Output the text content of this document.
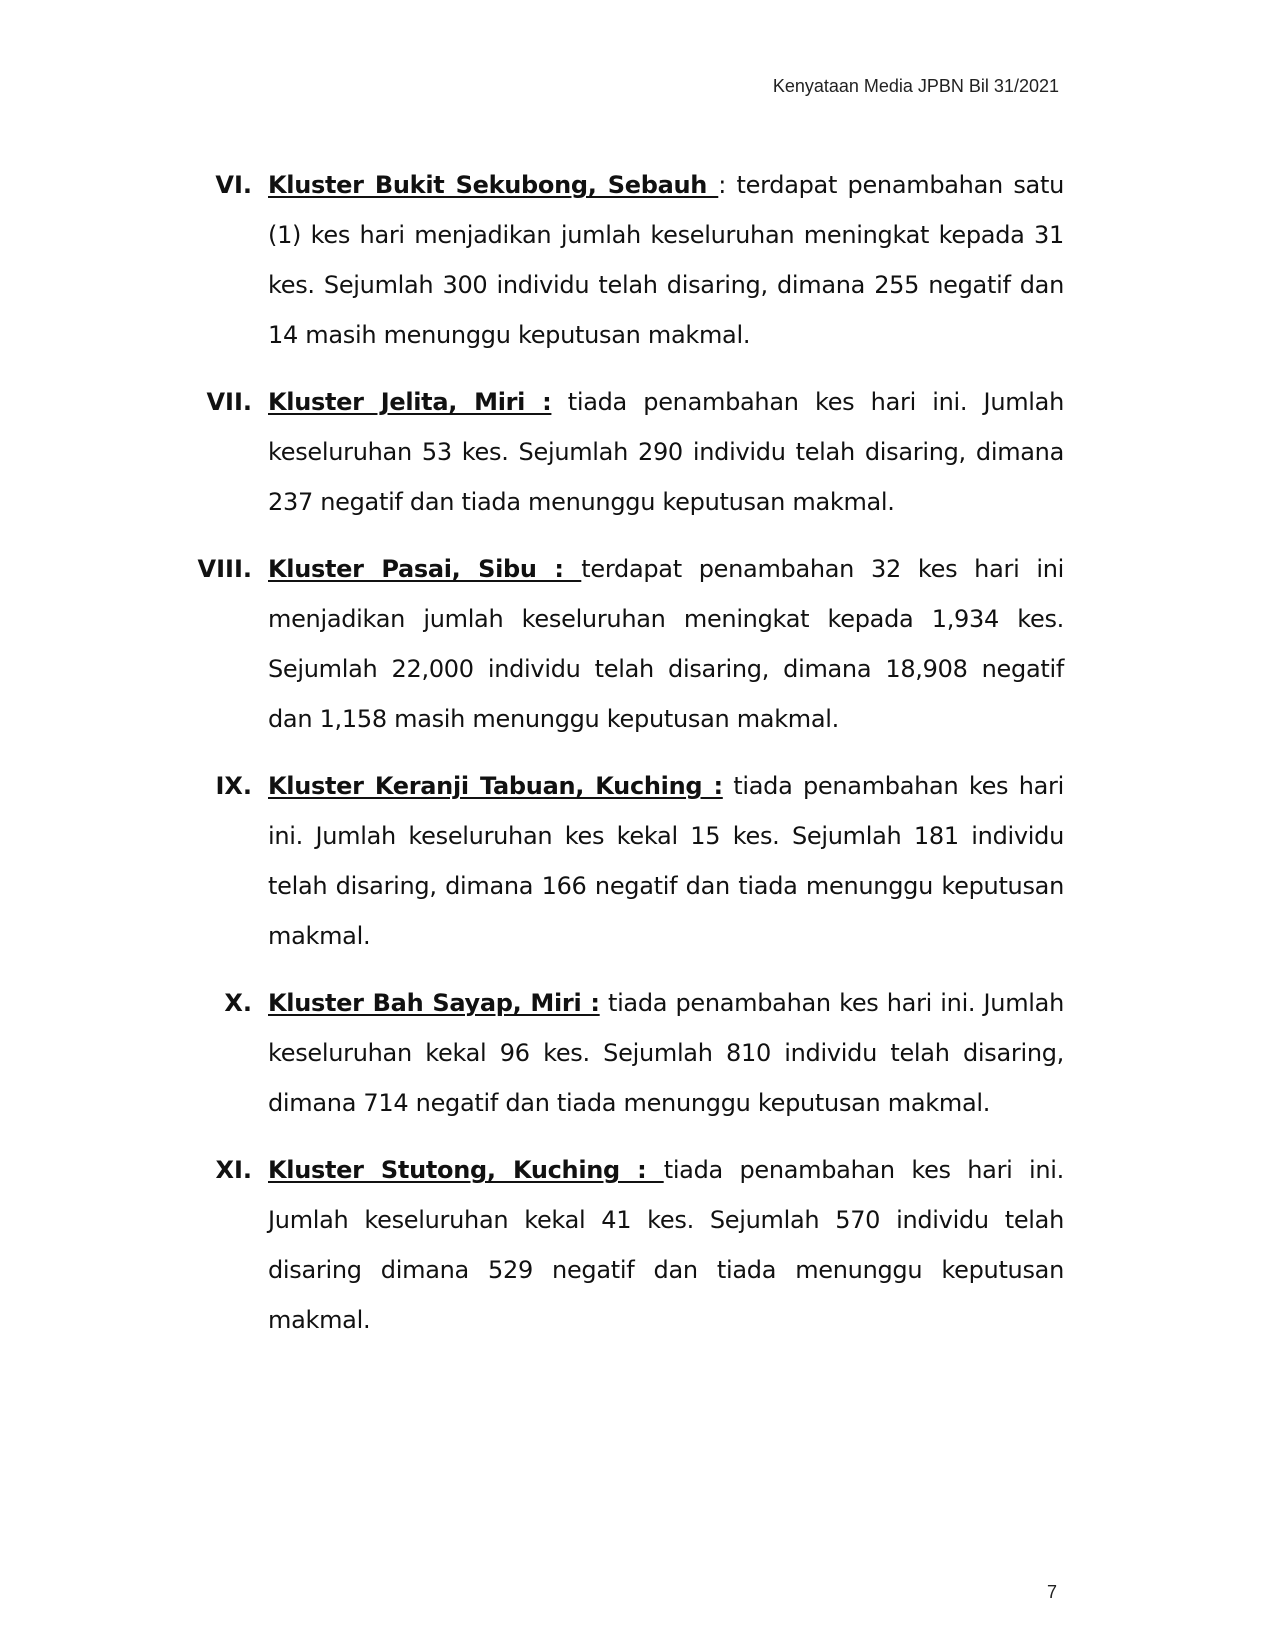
Kenyataan Media JPBN Bil 31/2021
VI. Kluster Bukit Sekubong, Sebauh : terdapat penambahan satu (1) kes hari menjadikan jumlah keseluruhan meningkat kepada 31 kes. Sejumlah 300 individu telah disaring, dimana 255 negatif dan 14 masih menunggu keputusan makmal.
VII. Kluster Jelita, Miri : tiada penambahan kes hari ini. Jumlah keseluruhan 53 kes. Sejumlah 290 individu telah disaring, dimana 237 negatif dan tiada menunggu keputusan makmal.
VIII. Kluster Pasai, Sibu : terdapat penambahan 32 kes hari ini menjadikan jumlah keseluruhan meningkat kepada 1,934 kes. Sejumlah 22,000 individu telah disaring, dimana 18,908 negatif dan 1,158 masih menunggu keputusan makmal.
IX. Kluster Keranji Tabuan, Kuching : tiada penambahan kes hari ini. Jumlah keseluruhan kes kekal 15 kes. Sejumlah 181 individu telah disaring, dimana 166 negatif dan tiada menunggu keputusan makmal.
X. Kluster Bah Sayap, Miri : tiada penambahan kes hari ini. Jumlah keseluruhan kekal 96 kes. Sejumlah 810 individu telah disaring, dimana 714 negatif dan tiada menunggu keputusan makmal.
XI. Kluster Stutong, Kuching : tiada penambahan kes hari ini. Jumlah keseluruhan kekal 41 kes. Sejumlah 570 individu telah disaring dimana 529 negatif dan tiada menunggu keputusan makmal.
7
